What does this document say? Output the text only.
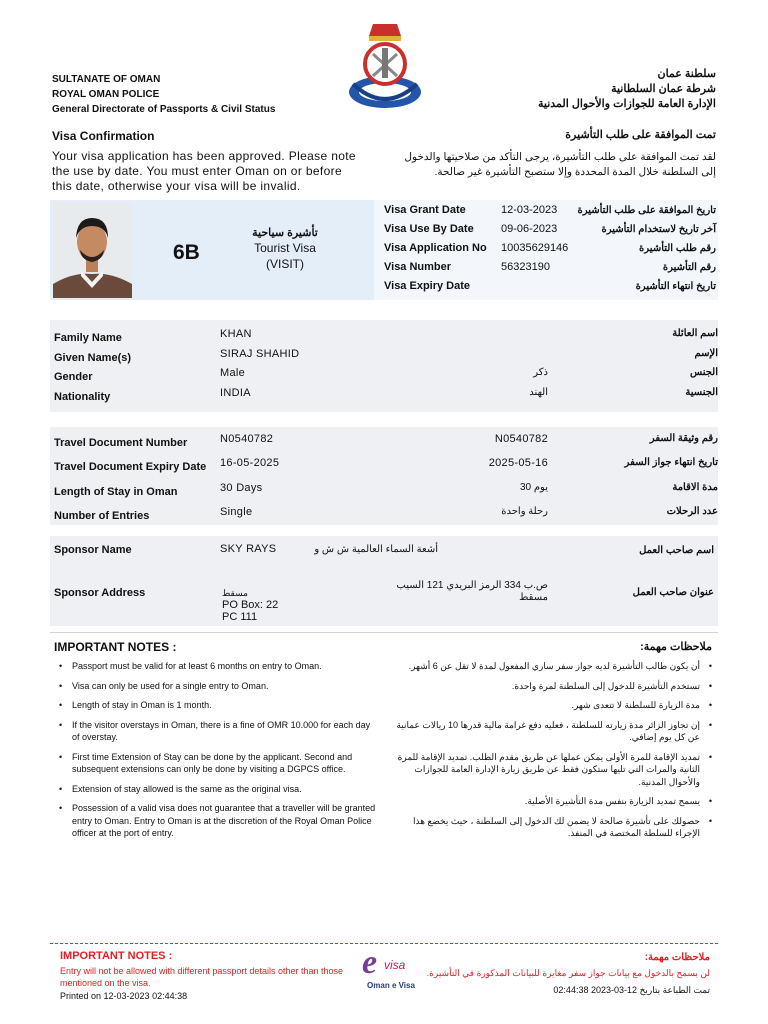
SULTANATE OF OMAN
ROYAL OMAN POLICE
General Directorate of Passports & Civil Status
سلطنة عمان
شرطة عمان السلطانية
الإدارة العامة للجوازات والأحوال المدنية
Visa Confirmation	تمت الموافقة على طلب التأشيرة
Your visa application has been approved. Please note the use by date. You must enter Oman on or before this date, otherwise your visa will be invalid.
لقد تمت الموافقة على طلب التأشيرة، يرجى التأكد من صلاحيتها والدخول إلى السلطنة خلال المدة المحددة وإلا ستصبح التأشيرة غير صالحة.
6B
تأشيرة سياحية
Tourist Visa
(VISIT)
Visa Grant Date	12-03-2023 تاريخ الموافقة على طلب التأشيرة
Visa Use By Date 09-06-2023	آخر تاريخ لاستخدام التأشيرة
Visa Application No 10035629146	رقم طلب التأشيرة
Visa Number	56323190	رقم التأشيرة
Visa Expiry Date	تاريخ انتهاء التأشيرة
Family Name	KHAN	اسم العائلة
Given Name(s)	SIRAJ SHAHID	الإسم
Gender	Male	ذكر	الجنس
Nationality	INDIA	الهند	الجنسية
Travel Document Number	N0540782	N0540782	رقم وثيقة السفر
Travel Document Expiry Date 16-05-2025	2025-05-16	تاريخ انتهاء جواز السفر
Length of Stay in Oman	30 Days	30 يوم	مدة الاقامة
Number of Entries	Single	رحلة واحدة	عدد الرحلات
Sponsor Name	SKY RAYS	أشعة السماء العالمية ش ش و	اسم صاحب العمل
Sponsor Address	مسقط
PO Box: 22
PC 111
ص.ب 334 الرمز البريدي 121 السيب
مسقط	عنوان صاحب العمل
IMPORTANT NOTES :	ملاحظات مهمة:
• Passport must be valid for at least 6 months on entry to Oman.
• Visa can only be used for a single entry to Oman.
• Length of stay in Oman is 1 month.
• If the visitor overstays in Oman, there is a fine of OMR 10.000 for each day of overstay.
• First time Extension of Stay can be done by the applicant. Second and subsequent extensions can only be done by visiting a DGPCS office.
• Extension of stay allowed is the same as the original visa.
• Possession of a valid visa does not guarantee that a traveller will be granted entry to Oman. Entry to Oman is at the discretion of the Royal Oman Police officer at the port of entry.
• أن يكون طالب التأشيرة لديه جواز سفر ساري المفعول لمدة لا تقل عن 6 أشهر.
• تستخدم التأشيرة للدخول إلى السلطنة لمرة واحدة.
• مدة الزيارة للسلطنة لا تتعدى شهر.
• إن تجاوز الزائر مدة زيارته للسلطنة ، فعليه دفع غرامة مالية قدرها 10 ريالات عمانية عن كل يوم إضافي.
• تمديد الإقامة للمرة الأولى يمكن عملها عن طريق مقدم الطلب. تمديد الإقامة للمرة الثانية والمرات التي تليها ستكون فقط عن طريق زيارة الإدارة العامة للجوازات والأحوال المدنية.
• يسمح تمديد الزيارة بنفس مدة التأشيرة الأصلية.
• حصولك على تأشيرة صالحة لا يضمن لك الدخول إلى السلطنة ، حيث يخضع هذا الإجراء للسلطة المختصة في المنفذ.
IMPORTANT NOTES :
Entry will not be allowed with different passport details other than those mentioned on the visa.
Printed on 12-03-2023 02:44:38
e visa
Oman e Visa
ملاحظات مهمة:
لن يسمح بالدخول مع بيانات جواز سفر مغايرة للبيانات المذكورة في التأشيرة.
تمت الطباعة بتاريخ 12-03-2023 02:44:38
